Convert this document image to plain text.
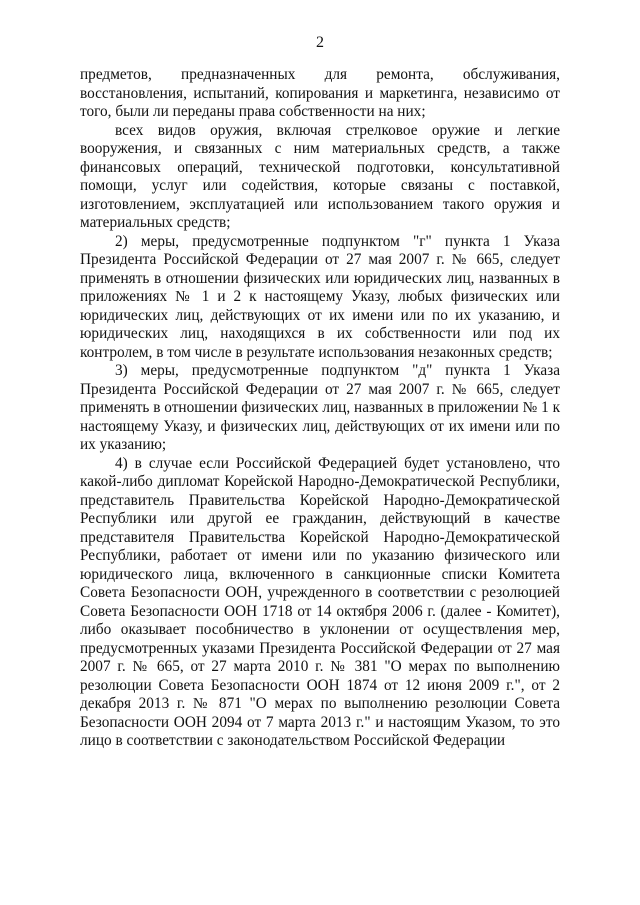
2

предметов, предназначенных для ремонта, обслуживания, восстановления, испытаний, копирования и маркетинга, независимо от того, были ли переданы права собственности на них;

всех видов оружия, включая стрелковое оружие и легкие вооружения, и связанных с ним материальных средств, а также финансовых операций, технической подготовки, консультативной помощи, услуг или содействия, которые связаны с поставкой, изготовлением, эксплуатацией или использованием такого оружия и материальных средств;

2) меры, предусмотренные подпунктом "г" пункта 1 Указа Президента Российской Федерации от 27 мая 2007 г. № 665, следует применять в отношении физических или юридических лиц, названных в приложениях № 1 и 2 к настоящему Указу, любых физических или юридических лиц, действующих от их имени или по их указанию, и юридических лиц, находящихся в их собственности или под их контролем, в том числе в результате использования незаконных средств;

3) меры, предусмотренные подпунктом "д" пункта 1 Указа Президента Российской Федерации от 27 мая 2007 г. № 665, следует применять в отношении физических лиц, названных в приложении № 1 к настоящему Указу, и физических лиц, действующих от их имени или по их указанию;

4) в случае если Российской Федерацией будет установлено, что какой-либо дипломат Корейской Народно-Демократической Республики, представитель Правительства Корейской Народно-Демократической Республики или другой ее гражданин, действующий в качестве представителя Правительства Корейской Народно-Демократической Республики, работает от имени или по указанию физического или юридического лица, включенного в санкционные списки Комитета Совета Безопасности ООН, учрежденного в соответствии с резолюцией Совета Безопасности ООН 1718 от 14 октября 2006 г. (далее - Комитет), либо оказывает пособничество в уклонении от осуществления мер, предусмотренных указами Президента Российской Федерации от 27 мая 2007 г. № 665, от 27 марта 2010 г. № 381 "О мерах по выполнению резолюции Совета Безопасности ООН 1874 от 12 июня 2009 г.", от 2 декабря 2013 г. № 871 "О мерах по выполнению резолюции Совета Безопасности ООН 2094 от 7 марта 2013 г." и настоящим Указом, то это лицо в соответствии с законодательством Российской Федерации
